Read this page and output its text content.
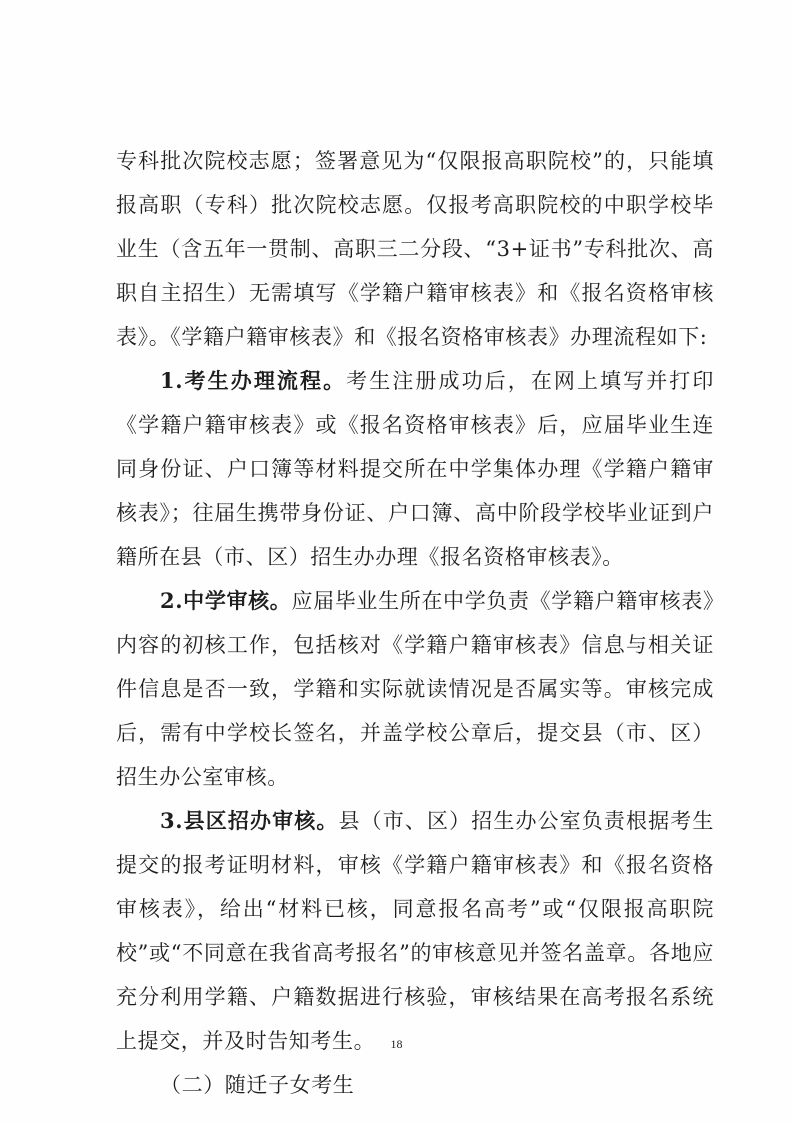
专科批次院校志愿；签署意见为“仅限报高职院校”的，只能填报高职（专科）批次院校志愿。仅报考高职院校的中职学校毕业生（含五年一贯制、高职三二分段、“3+证书”专科批次、高职自主招生）无需填写《学籍户籍审核表》和《报名资格审核表》。《学籍户籍审核表》和《报名资格审核表》办理流程如下:

1.考生办理流程。考生注册成功后，在网上填写并打印《学籍户籍审核表》或《报名资格审核表》后，应届毕业生连同身份证、户口簿等材料提交所在中学集体办理《学籍户籍审核表》；往届生携带身份证、户口簿、高中阶段学校毕业证到户籍所在县（市、区）招生办办理《报名资格审核表》。

2.中学审核。应届毕业生所在中学负责《学籍户籍审核表》内容的初核工作，包括核对《学籍户籍审核表》信息与相关证件信息是否一致，学籍和实际就读情况是否属实等。审核完成后，需有中学校长签名，并盖学校公章后，提交县（市、区）招生办公室审核。

3.县区招办审核。县（市、区）招生办公室负责根据考生提交的报考证明材料，审核《学籍户籍审核表》和《报名资格审核表》，给出“材料已核，同意报名高考”或“仅限报高职院校”或“不同意在我省高考报名”的审核意见并签名盖章。各地应充分利用学籍、户籍数据进行核验，审核结果在高考报名系统上提交，并及时告知考生。

（二）随迁子女考生

18
